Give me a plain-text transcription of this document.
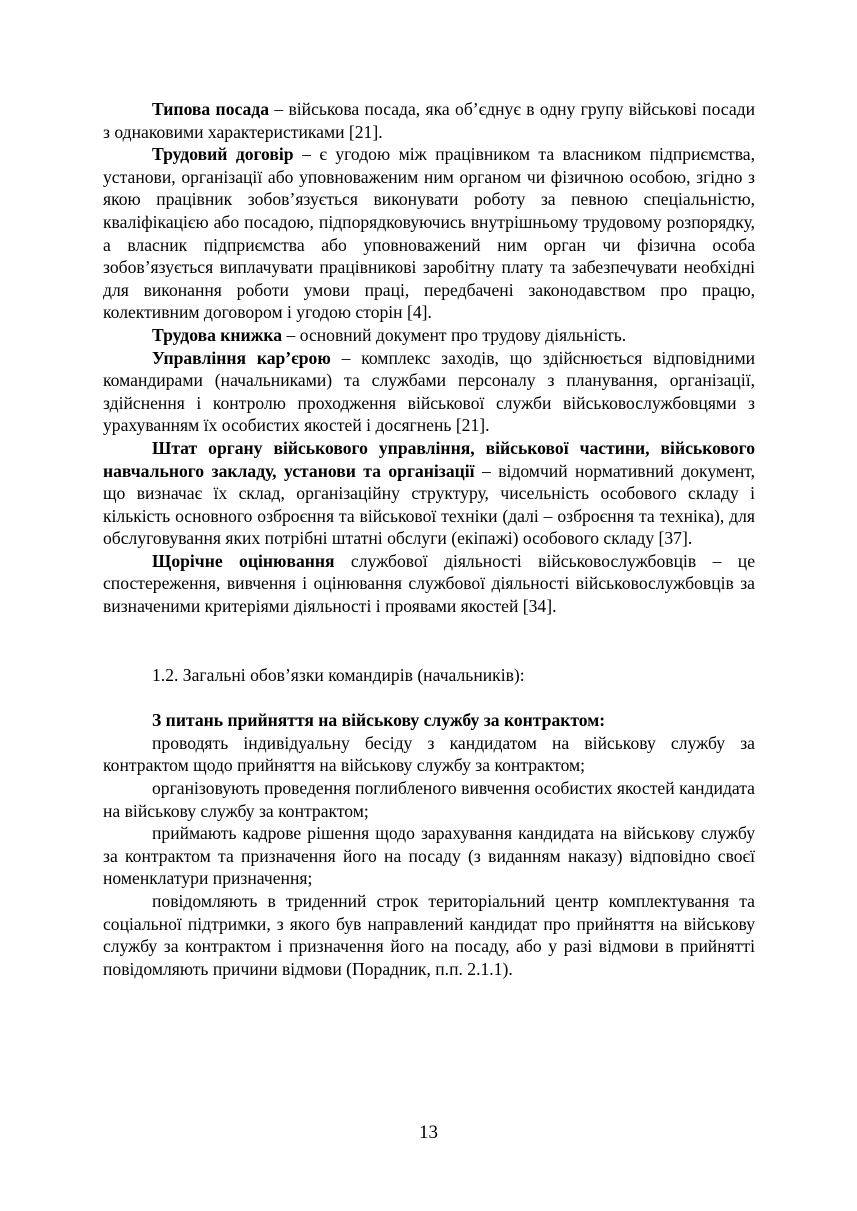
Типова посада – військова посада, яка об’єднує в одну групу військові посади з однаковими характеристиками [21].

Трудовий договір – є угодою між працівником та власником підприємства, установи, організації або уповноваженим ним органом чи фізичною особою, згідно з якою працівник зобов’язується виконувати роботу за певною спеціальністю, кваліфікацією або посадою, підпорядковуючись внутрішньому трудовому розпорядку, а власник підприємства або уповноважений ним орган чи фізична особа зобов’язується виплачувати працівникові заробітну плату та забезпечувати необхідні для виконання роботи умови праці, передбачені законодавством про працю, колективним договором і угодою сторін [4].

Трудова книжка – основний документ про трудову діяльність.

Управління кар’єрою – комплекс заходів, що здійснюється відповідними командирами (начальниками) та службами персоналу з планування, організації, здійснення і контролю проходження військової служби військовослужбовцями з урахуванням їх особистих якостей і досягнень [21].

Штат органу військового управління, військової частини, військового навчального закладу, установи та організації – відомчий нормативний документ, що визначає їх склад, організаційну структуру, чисельність особового складу і кількість основного озброєння та військової техніки (далі – озброєння та техніка), для обслуговування яких потрібні штатні обслуги (екіпажі) особового складу [37].

Щорічне оцінювання службової діяльності військовослужбовців – це спостереження, вивчення і оцінювання службової діяльності військовослужбовців за визначеними критеріями діяльності і проявами якостей [34].

1.2. Загальні обов’язки командирів (начальників):

З питань прийняття на військову службу за контрактом:

проводять індивідуальну бесіду з кандидатом на військову службу за контрактом щодо прийняття на військову службу за контрактом;

організовують проведення поглибленого вивчення особистих якостей кандидата на військову службу за контрактом;

приймають кадрове рішення щодо зарахування кандидата на військову службу за контрактом та призначення його на посаду (з виданням наказу) відповідно своєї номенклатури призначення;

повідомляють в триденний строк територіальний центр комплектування та соціальної підтримки, з якого був направлений кандидат про прийняття на військову службу за контрактом і призначення його на посаду, або у разі відмови в прийнятті повідомляють причини відмови (Порадник, п.п. 2.1.1).

13
